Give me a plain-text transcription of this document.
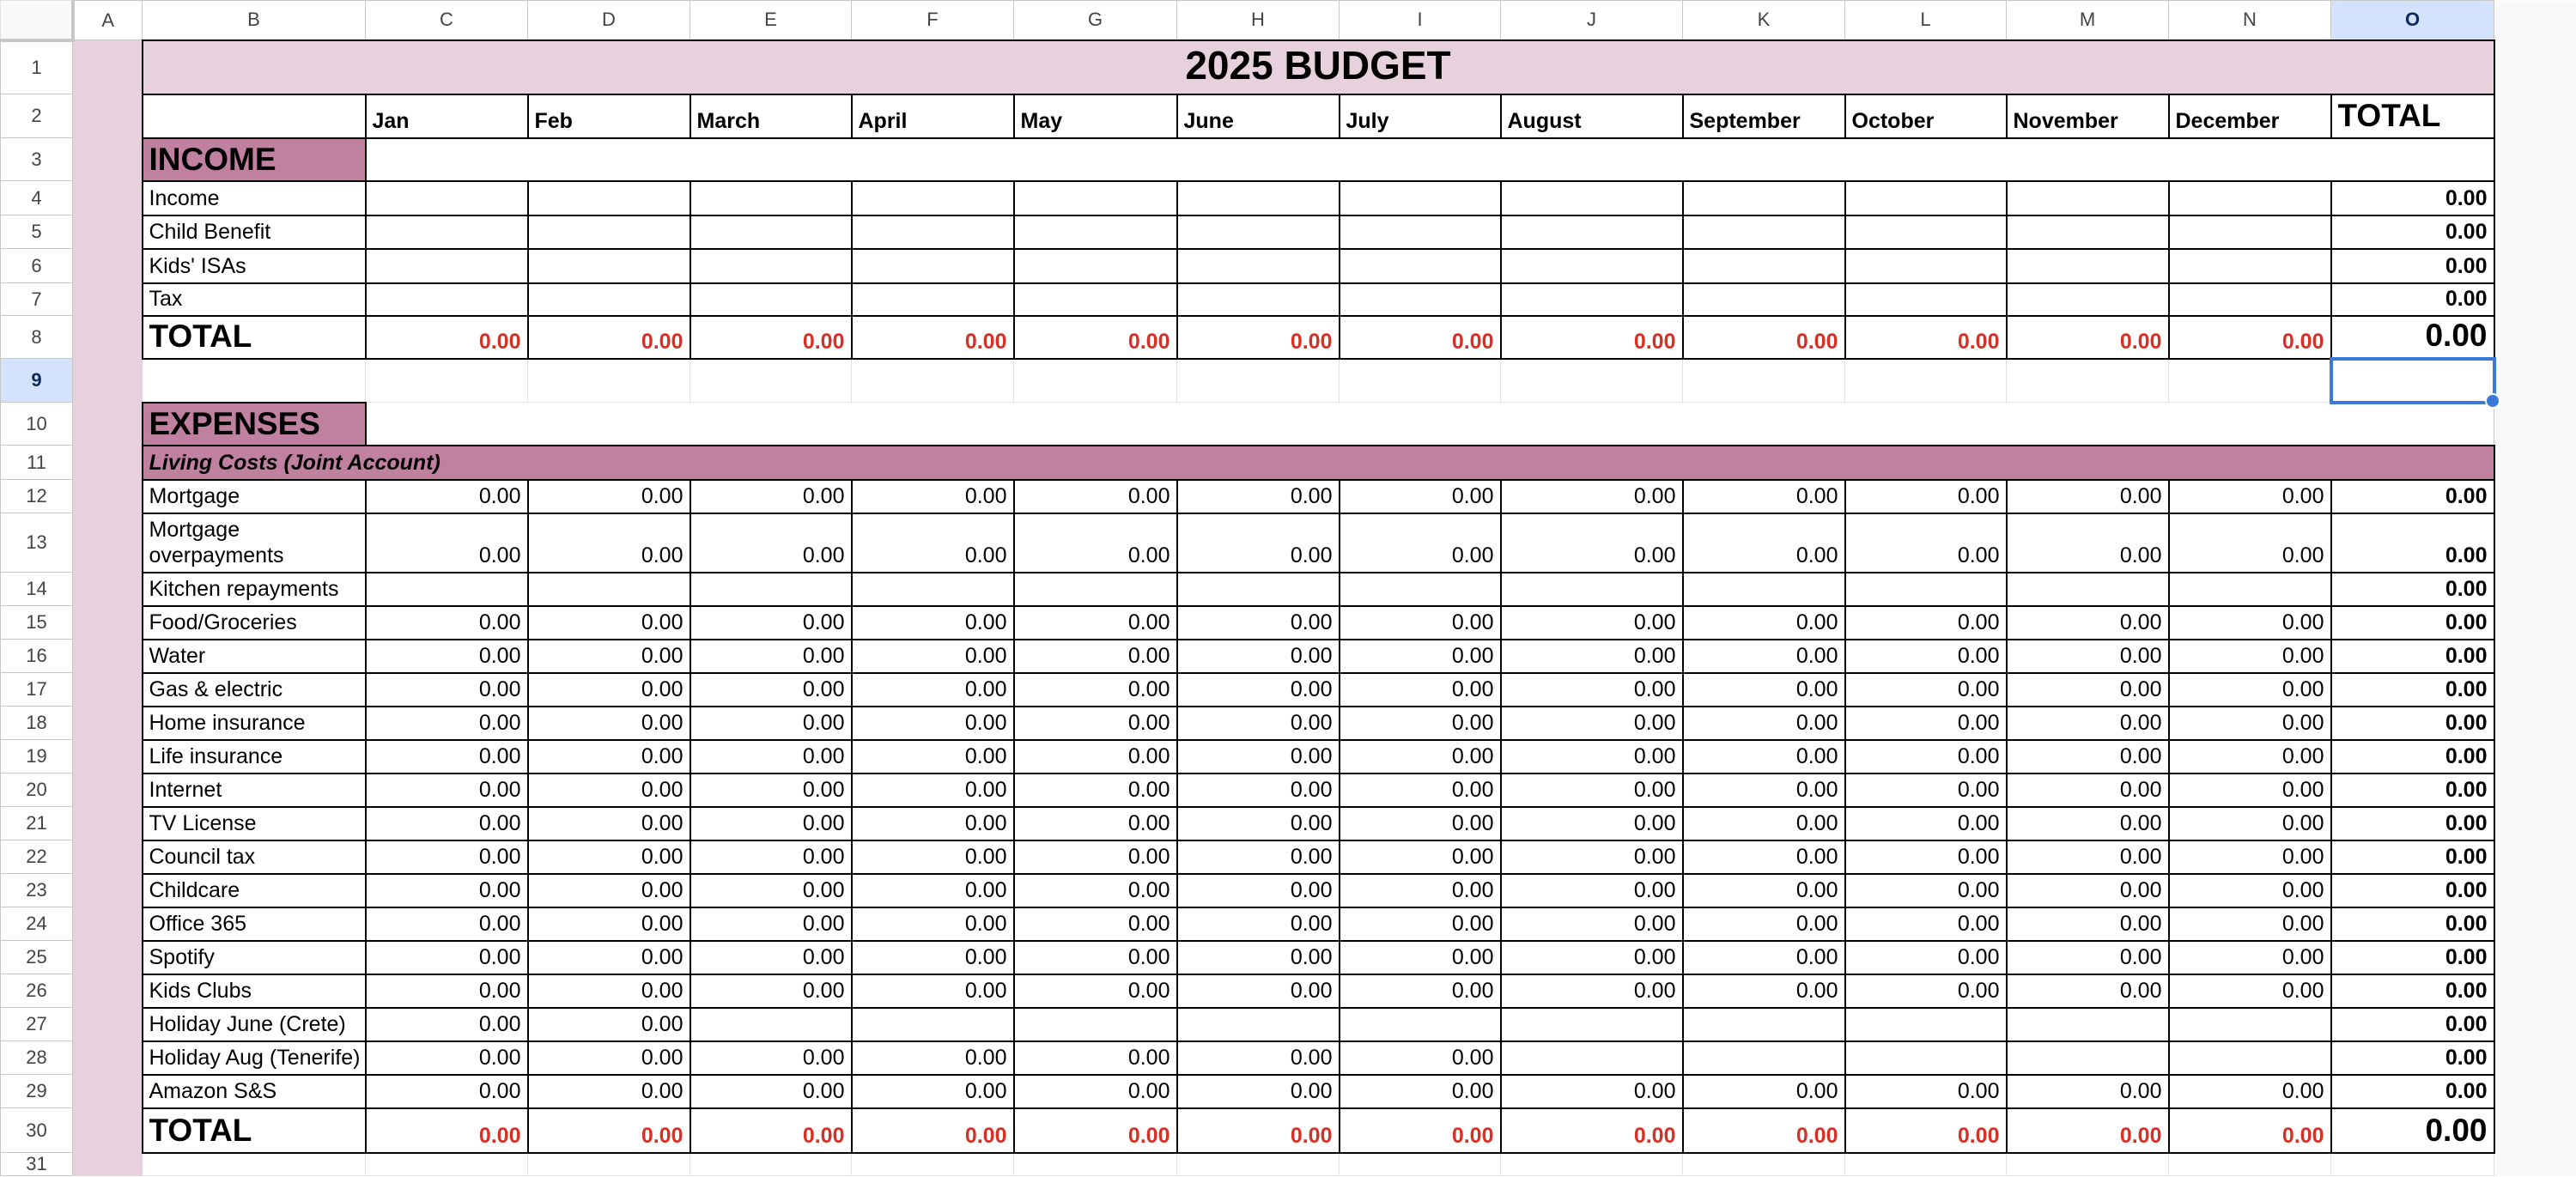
	A	B	C	D	E	F	G	H	I	J	K	L	M	N	O	
1		2025 BUDGET														
2			Jan	Feb	March	April	May	June	July	August	September	October	November	December	TOTAL	
3		INCOME														
4		Income													0.00	
5		Child Benefit													0.00	
6		Kids' ISAs													0.00	
7		Tax													0.00	
8		TOTAL	0.00	0.00	0.00	0.00	0.00	0.00	0.00	0.00	0.00	0.00	0.00	0.00	0.00	
9															

10		EXPENSES														
11		Living Costs (Joint Account)														
12		Mortgage	0.00	0.00	0.00	0.00	0.00	0.00	0.00	0.00	0.00	0.00	0.00	0.00	0.00	
13		Mortgage overpayments	0.00	0.00	0.00	0.00	0.00	0.00	0.00	0.00	0.00	0.00	0.00	0.00	0.00	
14		Kitchen repayments													0.00	
15		Food/Groceries	0.00	0.00	0.00	0.00	0.00	0.00	0.00	0.00	0.00	0.00	0.00	0.00	0.00	
16		Water	0.00	0.00	0.00	0.00	0.00	0.00	0.00	0.00	0.00	0.00	0.00	0.00	0.00	
17		Gas & electric	0.00	0.00	0.00	0.00	0.00	0.00	0.00	0.00	0.00	0.00	0.00	0.00	0.00	
18		Home insurance	0.00	0.00	0.00	0.00	0.00	0.00	0.00	0.00	0.00	0.00	0.00	0.00	0.00	
19		Life insurance	0.00	0.00	0.00	0.00	0.00	0.00	0.00	0.00	0.00	0.00	0.00	0.00	0.00	
20		Internet	0.00	0.00	0.00	0.00	0.00	0.00	0.00	0.00	0.00	0.00	0.00	0.00	0.00	
21		TV License	0.00	0.00	0.00	0.00	0.00	0.00	0.00	0.00	0.00	0.00	0.00	0.00	0.00	
22		Council tax	0.00	0.00	0.00	0.00	0.00	0.00	0.00	0.00	0.00	0.00	0.00	0.00	0.00	
23		Childcare	0.00	0.00	0.00	0.00	0.00	0.00	0.00	0.00	0.00	0.00	0.00	0.00	0.00	
24		Office 365	0.00	0.00	0.00	0.00	0.00	0.00	0.00	0.00	0.00	0.00	0.00	0.00	0.00	
25		Spotify	0.00	0.00	0.00	0.00	0.00	0.00	0.00	0.00	0.00	0.00	0.00	0.00	0.00	
26		Kids Clubs	0.00	0.00	0.00	0.00	0.00	0.00	0.00	0.00	0.00	0.00	0.00	0.00	0.00	
27		Holiday June (Crete)	0.00	0.00											0.00	
28		Holiday Aug (Tenerife)	0.00	0.00	0.00	0.00	0.00	0.00	0.00						0.00	
29		Amazon S&S	0.00	0.00	0.00	0.00	0.00	0.00	0.00	0.00	0.00	0.00	0.00	0.00	0.00	
30		TOTAL	0.00	0.00	0.00	0.00	0.00	0.00	0.00	0.00	0.00	0.00	0.00	0.00	0.00	
31																
